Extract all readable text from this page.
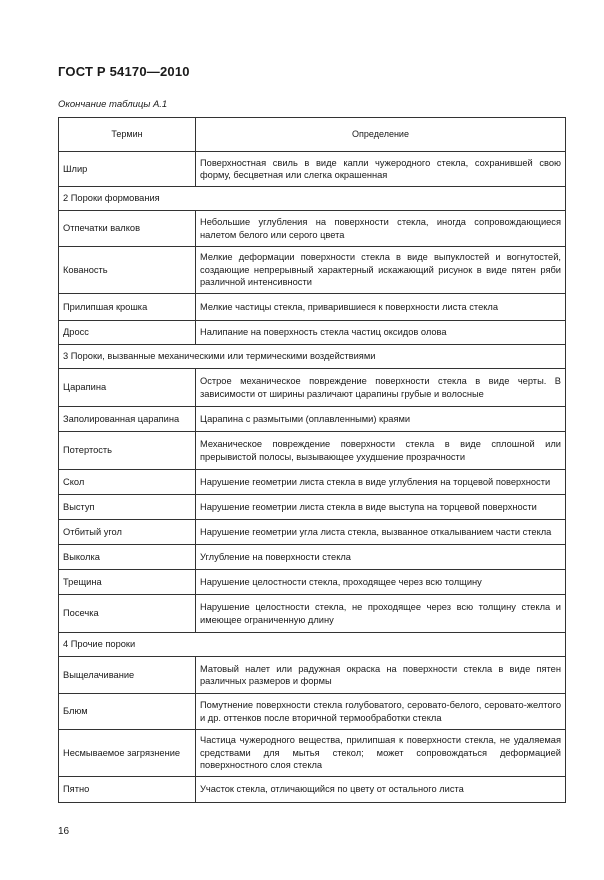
ГОСТ Р 54170—2010
Окончание таблицы А.1
Термин	Определение
Шлир	Поверхностная свиль в виде капли чужеродного стекла, сохранившей свою форму, бесцветная или слегка окрашенная
2 Пороки формования	
Отпечатки валков	Небольшие углубления на поверхности стекла, иногда сопровождающиеся налетом белого или серого цвета
Кованость	Мелкие деформации поверхности стекла в виде выпуклостей и вогнутостей, создающие непрерывный характерный искажающий рисунок в виде пятен ряби различной интенсивности
Прилипшая крошка	Мелкие частицы стекла, приварившиеся к поверхности листа стекла
Дросс	Налипание на поверхность стекла частиц оксидов олова
3 Пороки, вызванные механическими или термическими воздействиями	
Царапина	Острое механическое повреждение поверхности стекла в виде черты. В зависимости от ширины различают царапины грубые и волосные
Заполированная царапина	Царапина с размытыми (оплавленными) краями
Потертость	Механическое повреждение поверхности стекла в виде сплошной или прерывистой полосы, вызывающее ухудшение прозрачности
Скол	Нарушение геометрии листа стекла в виде углубления на торцевой поверхности
Выступ	Нарушение геометрии листа стекла в виде выступа на торцевой поверхности
Отбитый угол	Нарушение геометрии угла листа стекла, вызванное откалыванием части стекла
Выколка	Углубление на поверхности стекла
Трещина	Нарушение целостности стекла, проходящее через всю толщину
Посечка	Нарушение целостности стекла, не проходящее через всю толщину стекла и имеющее ограниченную длину
4 Прочие пороки	
Выщелачивание	Матовый налет или радужная окраска на поверхности стекла в виде пятен различных размеров и формы
Блюм	Помутнение поверхности стекла голубоватого, серовато-белого, серовато-желтого и др. оттенков после вторичной термообработки стекла
Несмываемое загрязнение	Частица чужеродного вещества, прилипшая к поверхности стекла, не удаляемая средствами для мытья стекол; может сопровождаться деформацией поверхностного слоя стекла
Пятно	Участок стекла, отличающийся по цвету от остального листа
16
